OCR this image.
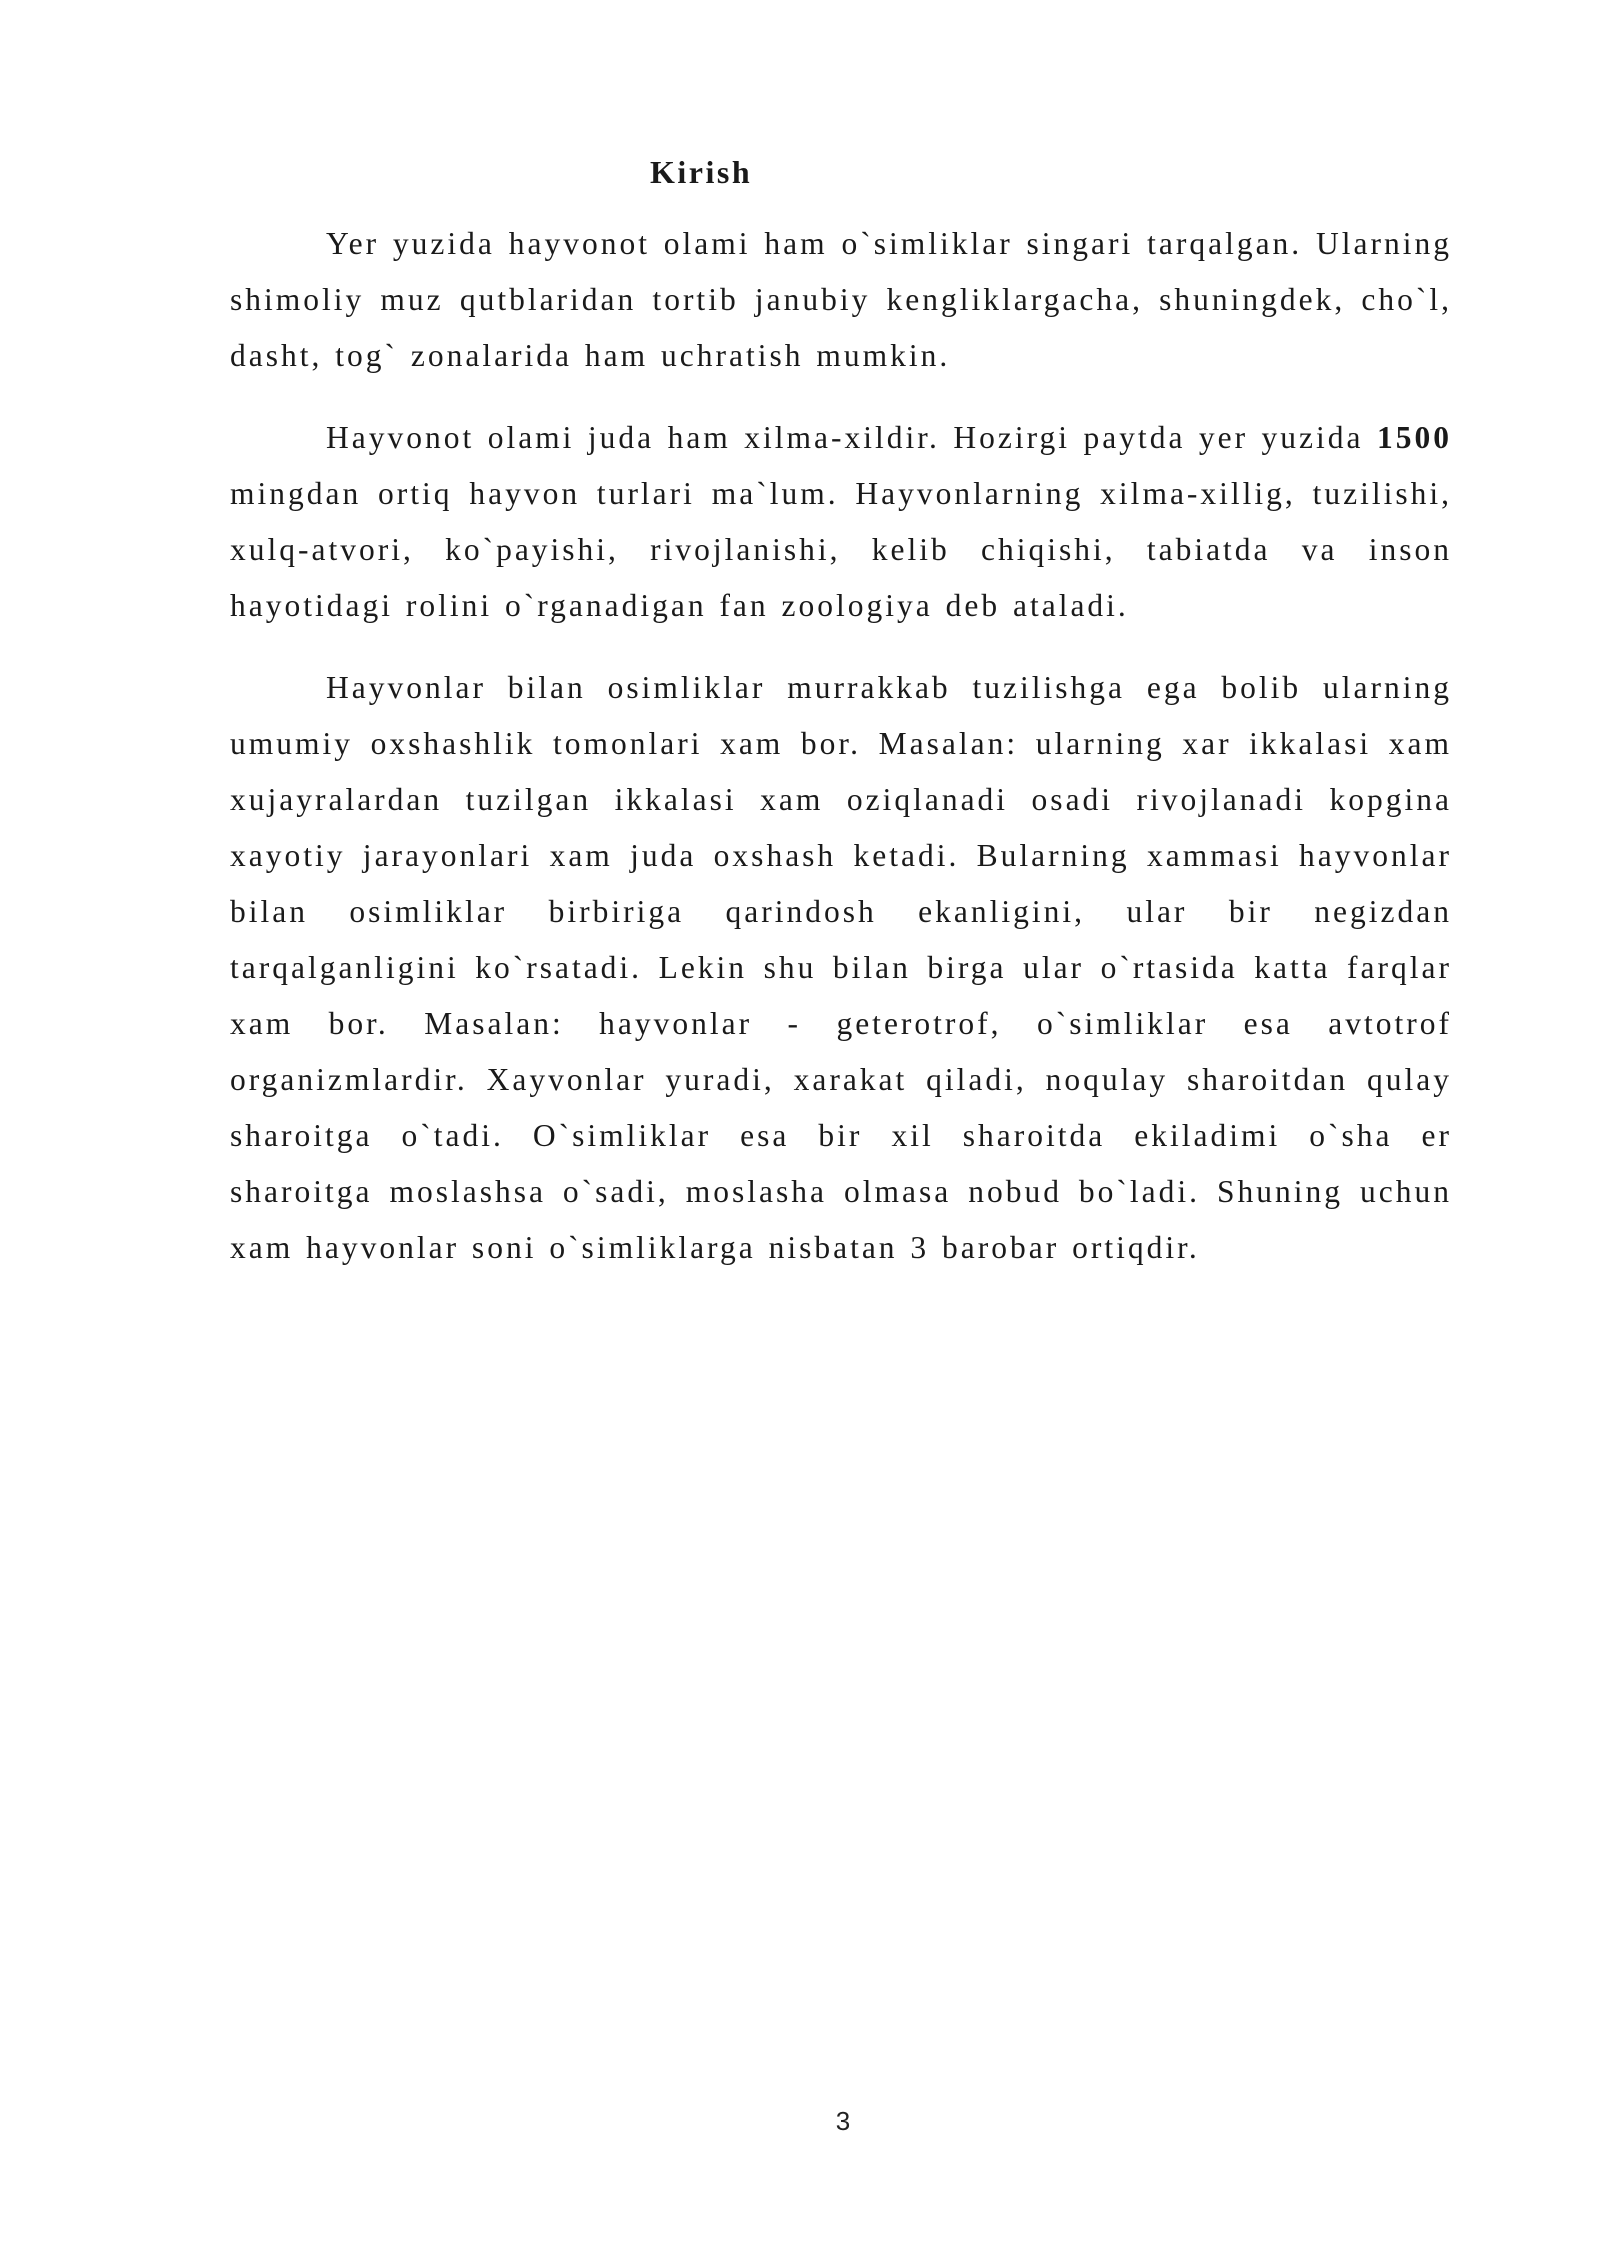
Kirish

Yer yuzida hayvonot olami ham o`simliklar singari tarqalgan. Ularning shimoliy muz qutblaridan tortib janubiy kengliklargacha, shuningdek, cho`l, dasht, tog` zonalarida ham uchratish mumkin.

Hayvonot olami juda ham xilma-xildir. Hozirgi paytda yer yuzida 1500 mingdan ortiq hayvon turlari ma`lum. Hayvonlarning xilma-xillig, tuzilishi, xulq-atvori, ko`payishi, rivojlanishi, kelib chiqishi, tabiatda va inson hayotidagi rolini o`rganadigan fan zoologiya deb ataladi.

Hayvonlar bilan osimliklar murrakkab tuzilishga ega bolib ularning umumiy oxshashlik tomonlari xam bor. Masalan: ularning xar ikkalasi xam xujayralardan tuzilgan ikkalasi xam oziqlanadi osadi rivojlanadi kopgina xayotiy jarayonlari xam juda oxshash ketadi. Bularning xammasi hayvonlar bilan osimliklar birbiriga qarindosh ekanligini, ular bir negizdan tarqalganligini ko`rsatadi. Lekin shu bilan birga ular o`rtasida katta farqlar xam bor. Masalan: hayvonlar - geterotrof, o`simliklar esa avtotrof organizmlardir. Xayvonlar yuradi, xarakat qiladi, noqulay sharoitdan qulay sharoitga o`tadi. O`simliklar esa bir xil sharoitda ekiladimi o`sha er sharoitga moslashsa o`sadi, moslasha olmasa nobud bo`ladi. Shuning uchun xam hayvonlar soni o`simliklarga nisbatan 3 barobar ortiqdir.

3
